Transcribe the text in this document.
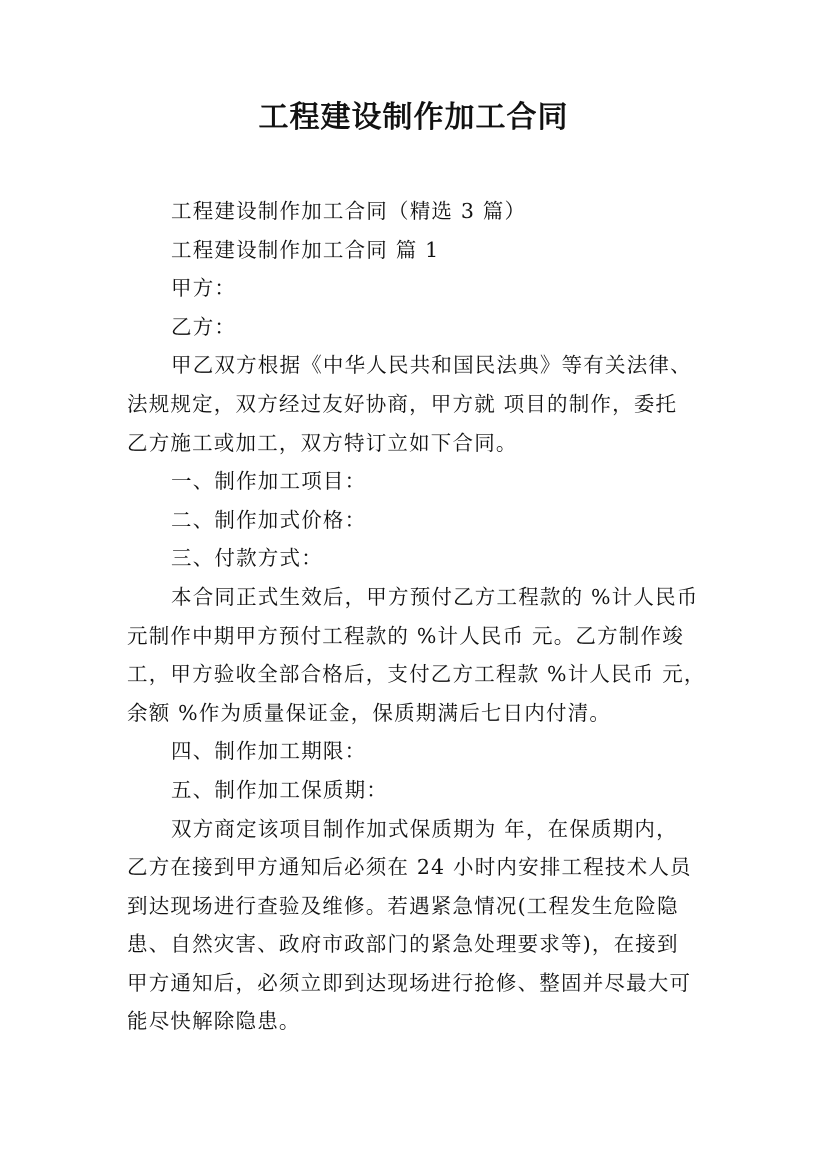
工程建设制作加工合同

工程建设制作加工合同（精选 3 篇）

工程建设制作加工合同 篇 1

甲方：

乙方：

甲乙双方根据《中华人民共和国民法典》等有关法律、
法规规定，双方经过友好协商，甲方就 项目的制作，委托
乙方施工或加工，双方特订立如下合同。

一、制作加工项目：

二、制作加式价格：

三、付款方式：

本合同正式生效后，甲方预付乙方工程款的 %计人民币
元制作中期甲方预付工程款的 %计人民币 元。乙方制作竣
工，甲方验收全部合格后，支付乙方工程款 %计人民币 元，
余额 %作为质量保证金，保质期满后七日内付清。

四、制作加工期限：

五、制作加工保质期：

双方商定该项目制作加式保质期为 年，在保质期内，
乙方在接到甲方通知后必须在 24 小时内安排工程技术人员
到达现场进行查验及维修。若遇紧急情况(工程发生危险隐
患、自然灾害、政府市政部门的紧急处理要求等)，在接到
甲方通知后，必须立即到达现场进行抢修、整固并尽最大可
能尽快解除隐患。
